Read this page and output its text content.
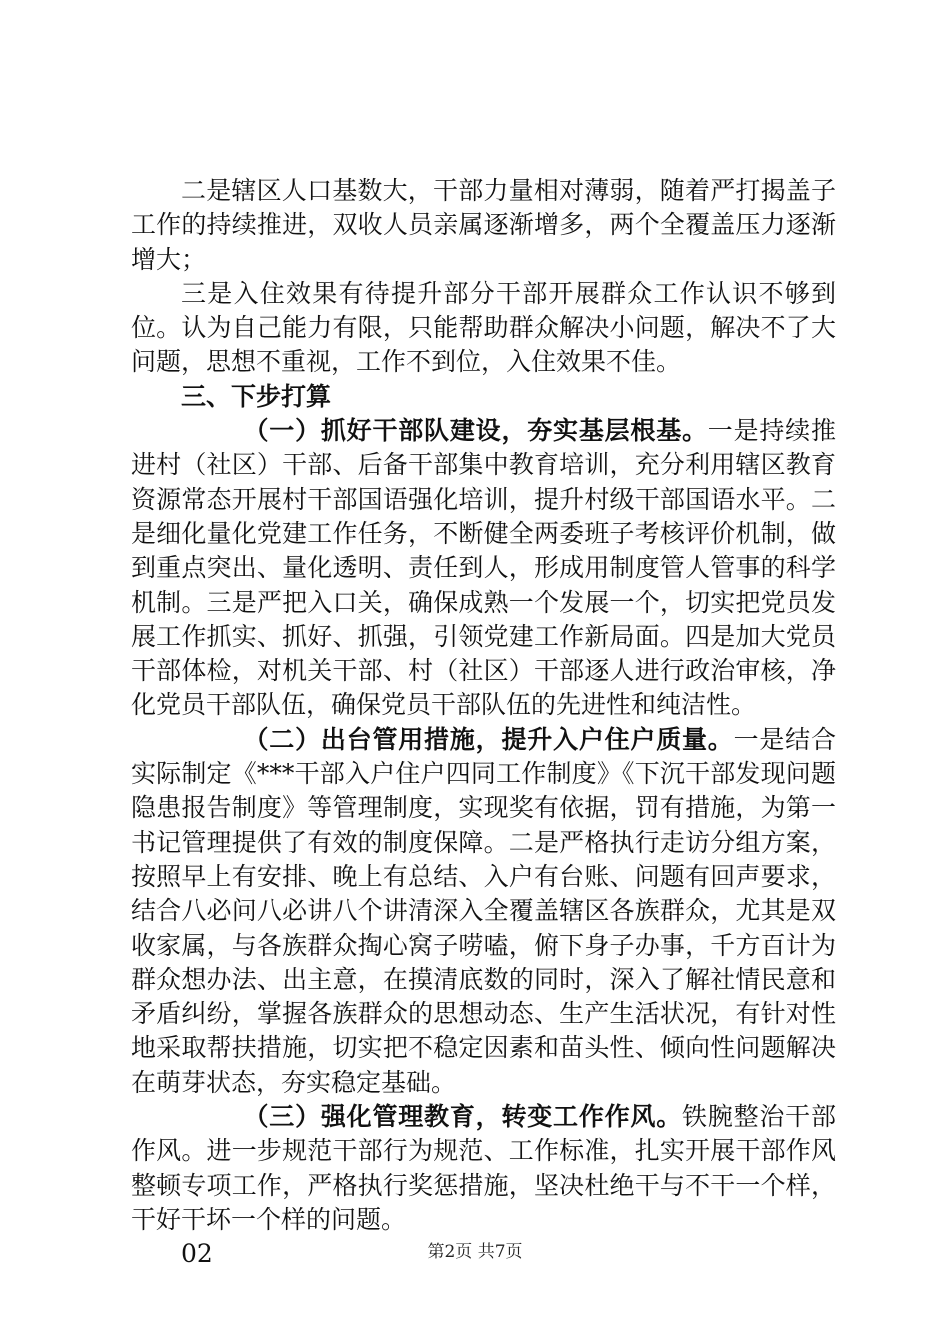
二是辖区人口基数大，干部力量相对薄弱，随着严打揭盖子工作的持续推进，双收人员亲属逐渐增多，两个全覆盖压力逐渐增大；

三是入住效果有待提升部分干部开展群众工作认识不够到位。认为自己能力有限，只能帮助群众解决小问题，解决不了大问题，思想不重视，工作不到位，入住效果不佳。

三、下步打算

（一）抓好干部队建设，夯实基层根基。一是持续推进村（社区）干部、后备干部集中教育培训，充分利用辖区教育资源常态开展村干部国语强化培训，提升村级干部国语水平。二是细化量化党建工作任务，不断健全两委班子考核评价机制，做到重点突出、量化透明、责任到人，形成用制度管人管事的科学机制。三是严把入口关，确保成熟一个发展一个，切实把党员发展工作抓实、抓好、抓强，引领党建工作新局面。四是加大党员干部体检，对机关干部、村（社区）干部逐人进行政治审核，净化党员干部队伍，确保党员干部队伍的先进性和纯洁性。

（二）出台管用措施，提升入户住户质量。一是结合实际制定《***干部入户住户四同工作制度》《下沉干部发现问题隐患报告制度》等管理制度，实现奖有依据，罚有措施，为第一书记管理提供了有效的制度保障。二是严格执行走访分组方案，按照早上有安排、晚上有总结、入户有台账、问题有回声要求，结合八必问八必讲八个讲清深入全覆盖辖区各族群众，尤其是双收家属，与各族群众掏心窝子唠嗑，俯下身子办事，千方百计为群众想办法、出主意，在摸清底数的同时，深入了解社情民意和矛盾纠纷，掌握各族群众的思想动态、生产生活状况，有针对性地采取帮扶措施，切实把不稳定因素和苗头性、倾向性问题解决在萌芽状态，夯实稳定基础。

（三）强化管理教育，转变工作作风。铁腕整治干部作风。进一步规范干部行为规范、工作标准，扎实开展干部作风整顿专项工作，严格执行奖惩措施，坚决杜绝干与不干一个样，干好干坏一个样的问题。

02	第2页 共7页
